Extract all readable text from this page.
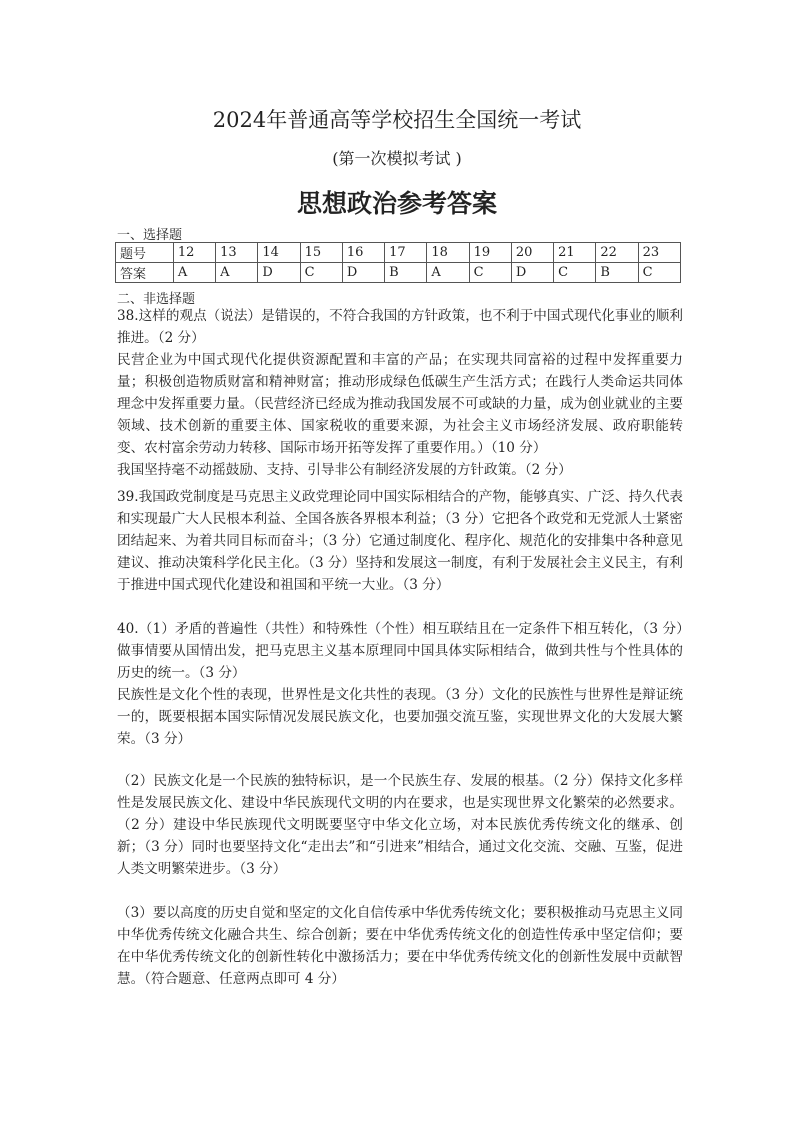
2024年普通高等学校招生全国统一考试
(第一次模拟考试 )
思想政治参考答案
一、选择题
题号	12	13	14	15	16	17	18	19	20	21	22	23
答案	A	A	D	C	D	B	A	C	D	C	B	C
二、非选择题
38.这样的观点（说法）是错误的，不符合我国的方针政策，也不利于中国式现代化事业的顺利推进。（2 分）
民营企业为中国式现代化提供资源配置和丰富的产品；在实现共同富裕的过程中发挥重要力量；积极创造物质财富和精神财富；推动形成绿色低碳生产生活方式；在践行人类命运共同体理念中发挥重要力量。（民营经济已经成为推动我国发展不可或缺的力量，成为创业就业的主要领域、技术创新的重要主体、国家税收的重要来源，为社会主义市场经济发展、政府职能转变、农村富余劳动力转移、国际市场开拓等发挥了重要作用。）（10 分）
我国坚持毫不动摇鼓励、支持、引导非公有制经济发展的方针政策。（2 分）
39.我国政党制度是马克思主义政党理论同中国实际相结合的产物，能够真实、广泛、持久代表和实现最广大人民根本利益、全国各族各界根本利益；（3 分）它把各个政党和无党派人士紧密团结起来、为着共同目标而奋斗；（3 分）它通过制度化、程序化、规范化的安排集中各种意见建议、推动决策科学化民主化。（3 分）坚持和发展这一制度，有利于发展社会主义民主，有利于推进中国式现代化建设和祖国和平统一大业。（3 分）
40.（1）矛盾的普遍性（共性）和特殊性（个性）相互联结且在一定条件下相互转化，（3 分）做事情要从国情出发，把马克思主义基本原理同中国具体实际相结合，做到共性与个性具体的历史的统一。（3 分）
民族性是文化个性的表现，世界性是文化共性的表现。（3 分）文化的民族性与世界性是辩证统一的，既要根据本国实际情况发展民族文化，也要加强交流互鉴，实现世界文化的大发展大繁荣。（3 分）
（2）民族文化是一个民族的独特标识，是一个民族生存、发展的根基。（2 分）保持文化多样性是发展民族文化、建设中华民族现代文明的内在要求，也是实现世界文化繁荣的必然要求。（2 分）建设中华民族现代文明既要坚守中华文化立场，对本民族优秀传统文化的继承、创新；（3 分）同时也要坚持文化“走出去”和“引进来”相结合，通过文化交流、交融、互鉴，促进人类文明繁荣进步。（3 分）
（3）要以高度的历史自觉和坚定的文化自信传承中华优秀传统文化；要积极推动马克思主义同中华优秀传统文化融合共生、综合创新；要在中华优秀传统文化的创造性传承中坚定信仰；要在中华优秀传统文化的创新性转化中激扬活力；要在中华优秀传统文化的创新性发展中贡献智慧。（符合题意、任意两点即可 4 分）
